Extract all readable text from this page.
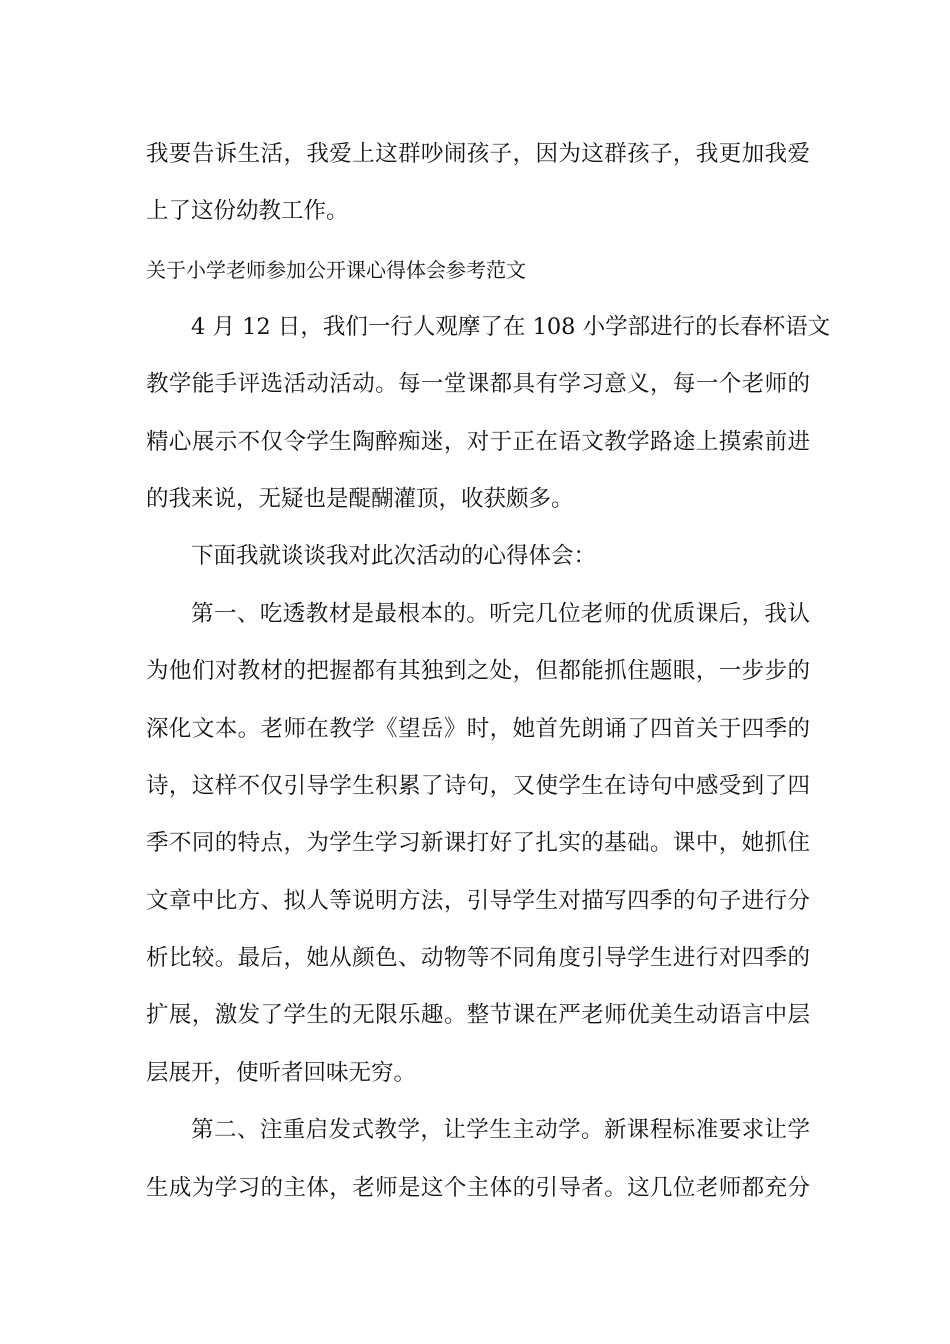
我要告诉生活，我爱上这群吵闹孩子，因为这群孩子，我更加我爱
上了这份幼教工作。
关于小学老师参加公开课心得体会参考范文
4 月 12 日，我们一行人观摩了在 108 小学部进行的长春杯语文
教学能手评选活动活动。每一堂课都具有学习意义，每一个老师的
精心展示不仅令学生陶醉痴迷，对于正在语文教学路途上摸索前进
的我来说，无疑也是醍醐灌顶，收获颇多。
下面我就谈谈我对此次活动的心得体会：
第一、吃透教材是最根本的。听完几位老师的优质课后，我认
为他们对教材的把握都有其独到之处，但都能抓住题眼，一步步的
深化文本。老师在教学《望岳》时，她首先朗诵了四首关于四季的
诗，这样不仅引导学生积累了诗句，又使学生在诗句中感受到了四
季不同的特点，为学生学习新课打好了扎实的基础。课中，她抓住
文章中比方、拟人等说明方法，引导学生对描写四季的句子进行分
析比较。最后，她从颜色、动物等不同角度引导学生进行对四季的
扩展，激发了学生的无限乐趣。整节课在严老师优美生动语言中层
层展开，使听者回味无穷。
第二、注重启发式教学，让学生主动学。新课程标准要求让学
生成为学习的主体，老师是这个主体的引导者。这几位老师都充分
